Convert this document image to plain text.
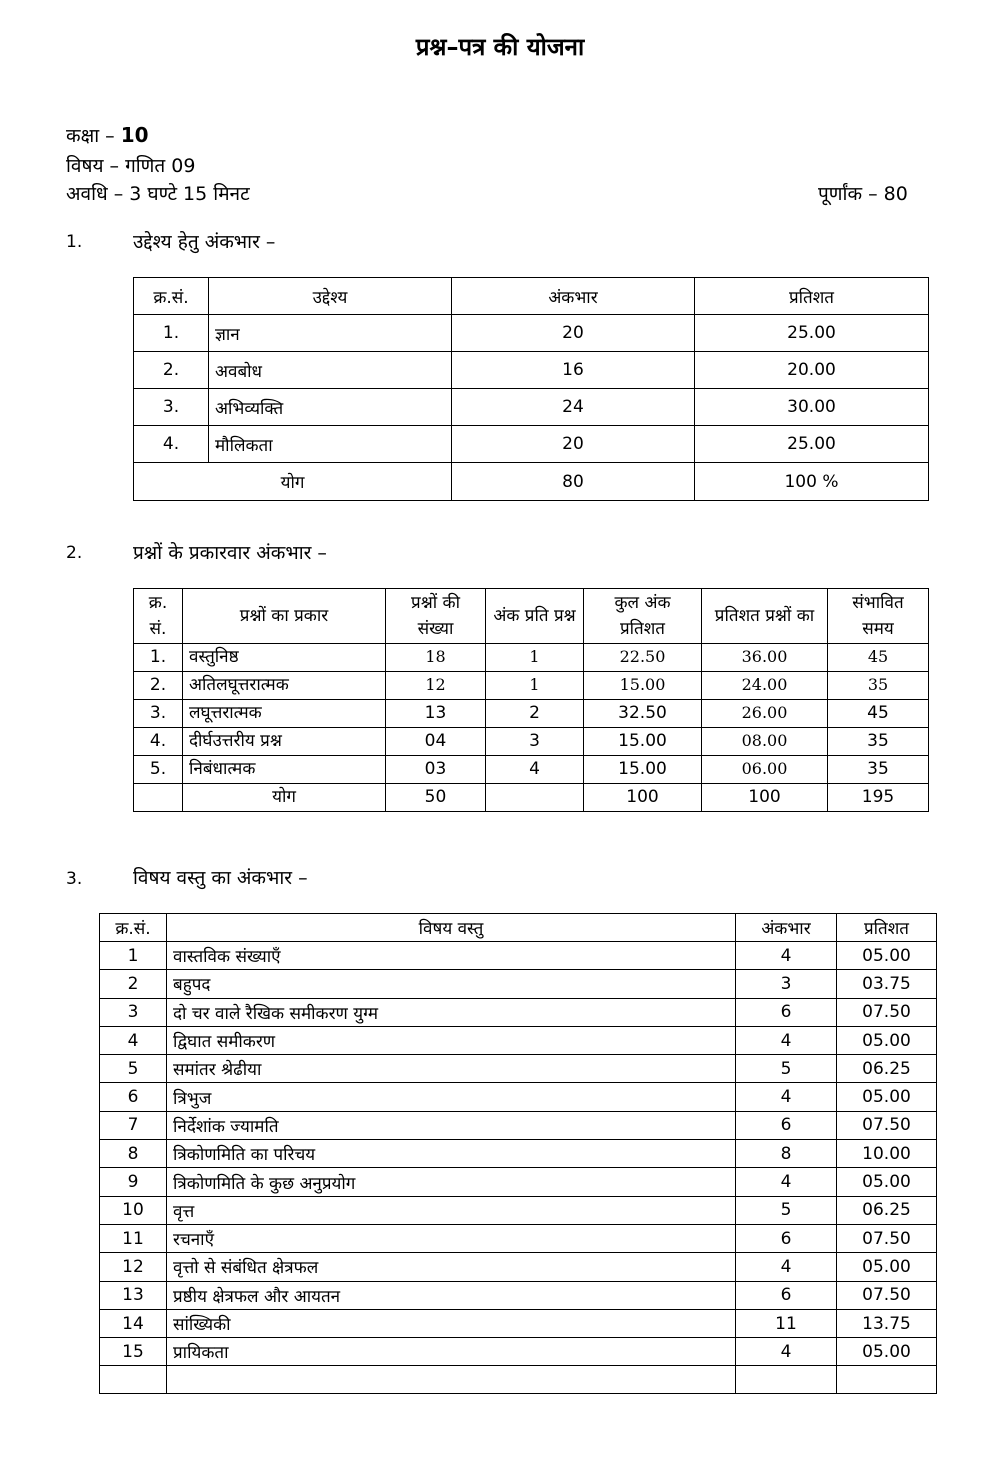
प्रश्न–पत्र की योजना
कक्षा – 10
विषय – गणित 09
अवधि – 3 घण्टे 15 मिनट	पूर्णांक – 80
1.	उद्देश्य हेतु अंकभार –
क्र.सं.	उद्देश्य	अंकभार	प्रतिशत
1.	ज्ञान	20	25.00
2.	अवबोध	16	20.00
3.	अभिव्यक्ति	24	30.00
4.	मौलिकता	20	25.00
योग		80	100 %
2.	प्रश्नों के प्रकारवार अंकभार –
क्र. सं.	प्रश्नों का प्रकार	प्रश्नों की संख्या	अंक प्रति प्रश्न	कुल अंक प्रतिशत	प्रतिशत प्रश्नों का	संभावित समय
1.	वस्तुनिष्ठ	18	1	22.50	36.00	45
2.	अतिलघूत्तरात्मक	12	1	15.00	24.00	35
3.	लघूत्तरात्मक	13	2	32.50	26.00	45
4.	दीर्घउत्तरीय प्रश्न	04	3	15.00	08.00	35
5.	निबंधात्मक	03	4	15.00	06.00	35
	योग	50		100	100	195
3.	विषय वस्तु का अंकभार –
क्र.सं.	विषय वस्तु	अंकभार	प्रतिशत
1	वास्तविक संख्याएँ	4	05.00
2	बहुपद	3	03.75
3	दो चर वाले रैखिक समीकरण युग्म	6	07.50
4	द्विघात समीकरण	4	05.00
5	समांतर श्रेढीया	5	06.25
6	त्रिभुज	4	05.00
7	निर्देशांक ज्यामति	6	07.50
8	त्रिकोणमिति का परिचय	8	10.00
9	त्रिकोणमिति के कुछ अनुप्रयोग	4	05.00
10	वृत्त	5	06.25
11	रचनाएँ	6	07.50
12	वृत्तो से संबंधित क्षेत्रफल	4	05.00
13	प्रष्ठीय क्षेत्रफल और आयतन	6	07.50
14	सांख्यिकी	11	13.75
15	प्रायिकता	4	05.00
